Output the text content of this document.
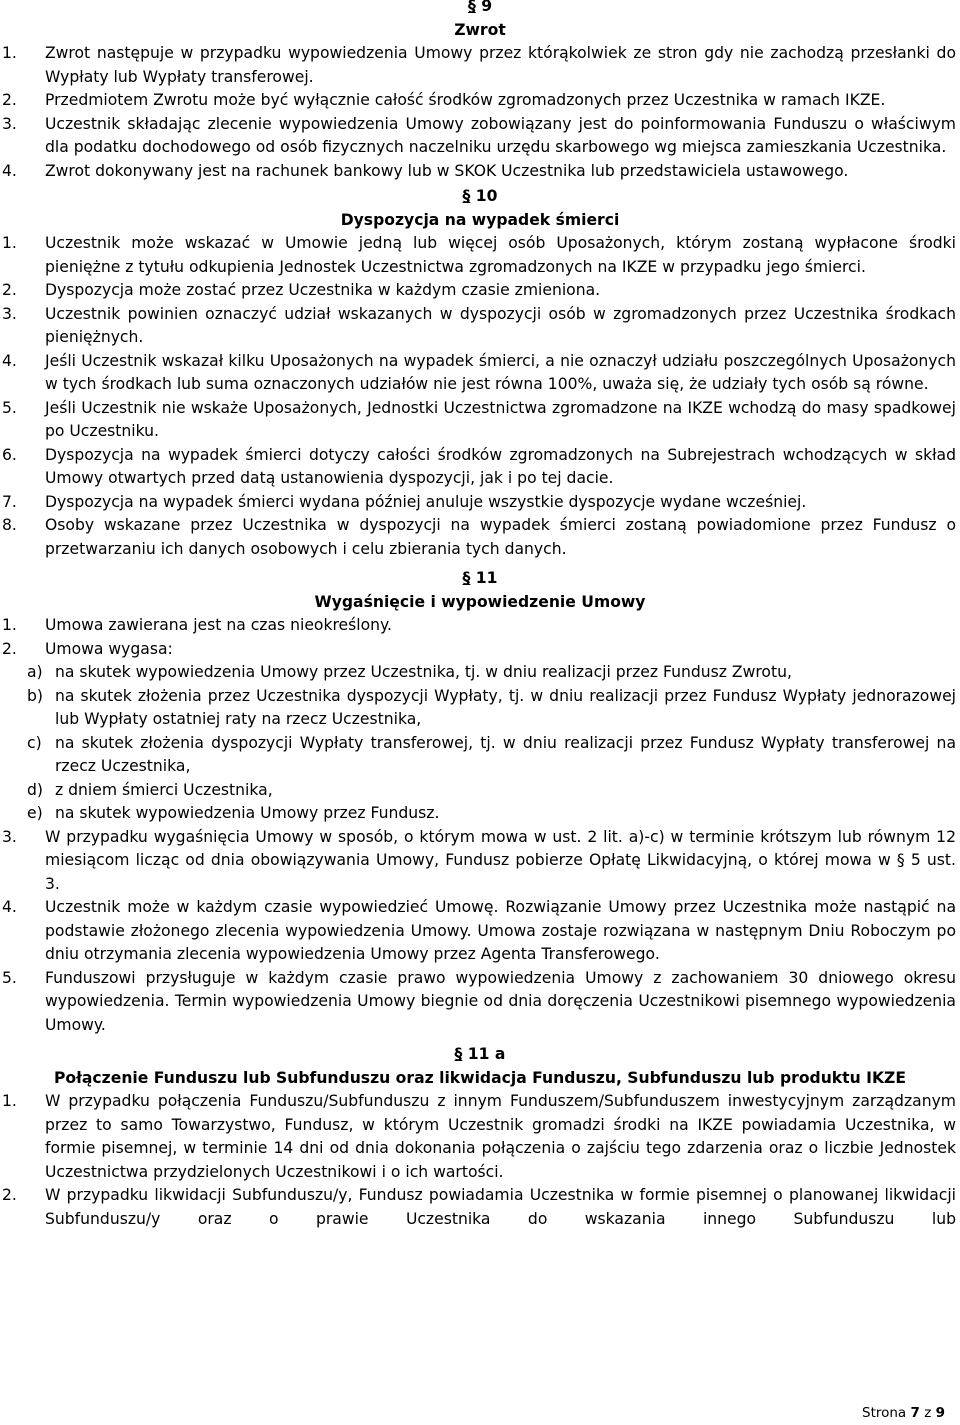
§ 9
Zwrot
1. Zwrot następuje w przypadku wypowiedzenia Umowy przez którąkolwiek ze stron gdy nie zachodzą przesłanki do Wypłaty lub Wypłaty transferowej.
2. Przedmiotem Zwrotu może być wyłącznie całość środków zgromadzonych przez Uczestnika w ramach IKZE.
3. Uczestnik składając zlecenie wypowiedzenia Umowy zobowiązany jest do poinformowania Funduszu o właściwym dla podatku dochodowego od osób fizycznych naczelniku urzędu skarbowego wg miejsca zamieszkania Uczestnika.
4. Zwrot dokonywany jest na rachunek bankowy lub w SKOK Uczestnika lub przedstawiciela ustawowego.
§ 10
Dyspozycja na wypadek śmierci
1. Uczestnik może wskazać w Umowie jedną lub więcej osób Uposażonych, którym zostaną wypłacone środki pieniężne z tytułu odkupienia Jednostek Uczestnictwa zgromadzonych na IKZE w przypadku jego śmierci.
2. Dyspozycja może zostać przez Uczestnika w każdym czasie zmieniona.
3. Uczestnik powinien oznaczyć udział wskazanych w dyspozycji osób w zgromadzonych przez Uczestnika środkach pieniężnych.
4. Jeśli Uczestnik wskazał kilku Uposażonych na wypadek śmierci, a nie oznaczył udziału poszczególnych Uposażonych w tych środkach lub suma oznaczonych udziałów nie jest równa 100%, uważa się, że udziały tych osób są równe.
5. Jeśli Uczestnik nie wskaże Uposażonych, Jednostki Uczestnictwa zgromadzone na IKZE wchodzą do masy spadkowej po Uczestniku.
6. Dyspozycja na wypadek śmierci dotyczy całości środków zgromadzonych na Subrejestrach wchodzących w skład Umowy otwartych przed datą ustanowienia dyspozycji, jak i po tej dacie.
7. Dyspozycja na wypadek śmierci wydana później anuluje wszystkie dyspozycje wydane wcześniej.
8. Osoby wskazane przez Uczestnika w dyspozycji na wypadek śmierci zostaną powiadomione przez Fundusz o przetwarzaniu ich danych osobowych i celu zbierania tych danych.
§ 11
Wygaśnięcie i wypowiedzenie Umowy
1. Umowa zawierana jest na czas nieokreślony.
2. Umowa wygasa:
a) na skutek wypowiedzenia Umowy przez Uczestnika, tj. w dniu realizacji przez Fundusz Zwrotu,
b) na skutek złożenia przez Uczestnika dyspozycji Wypłaty, tj. w dniu realizacji przez Fundusz Wypłaty jednorazowej lub Wypłaty ostatniej raty na rzecz Uczestnika,
c) na skutek złożenia dyspozycji Wypłaty transferowej, tj. w dniu realizacji przez Fundusz Wypłaty transferowej na rzecz Uczestnika,
d) z dniem śmierci Uczestnika,
e) na skutek wypowiedzenia Umowy przez Fundusz.
3. W przypadku wygaśnięcia Umowy w sposób, o którym mowa w ust. 2 lit. a)-c) w terminie krótszym lub równym 12 miesiącom licząc od dnia obowiązywania Umowy, Fundusz pobierze Opłatę Likwidacyjną, o której mowa w § 5 ust. 3.
4. Uczestnik może w każdym czasie wypowiedzieć Umowę. Rozwiązanie Umowy przez Uczestnika może nastąpić na podstawie złożonego zlecenia wypowiedzenia Umowy. Umowa zostaje rozwiązana w następnym Dniu Roboczym po dniu otrzymania zlecenia wypowiedzenia Umowy przez Agenta Transferowego.
5. Funduszowi przysługuje w każdym czasie prawo wypowiedzenia Umowy z zachowaniem 30 dniowego okresu wypowiedzenia. Termin wypowiedzenia Umowy biegnie od dnia doręczenia Uczestnikowi pisemnego wypowiedzenia Umowy.
§ 11 a
Połączenie Funduszu lub Subfunduszu oraz likwidacja Funduszu, Subfunduszu lub produktu IKZE
1. W przypadku połączenia Funduszu/Subfunduszu z innym Funduszem/Subfunduszem inwestycyjnym zarządzanym przez to samo Towarzystwo, Fundusz, w którym Uczestnik gromadzi środki na IKZE powiadamia Uczestnika, w formie pisemnej, w terminie 14 dni od dnia dokonania połączenia o zajściu tego zdarzenia oraz o liczbie Jednostek Uczestnictwa przydzielonych Uczestnikowi i o ich wartości.
2. W przypadku likwidacji Subfunduszu/y, Fundusz powiadamia Uczestnika w formie pisemnej o planowanej likwidacji Subfunduszu/y oraz o prawie Uczestnika do wskazania innego Subfunduszu lub
Strona 7 z 9
